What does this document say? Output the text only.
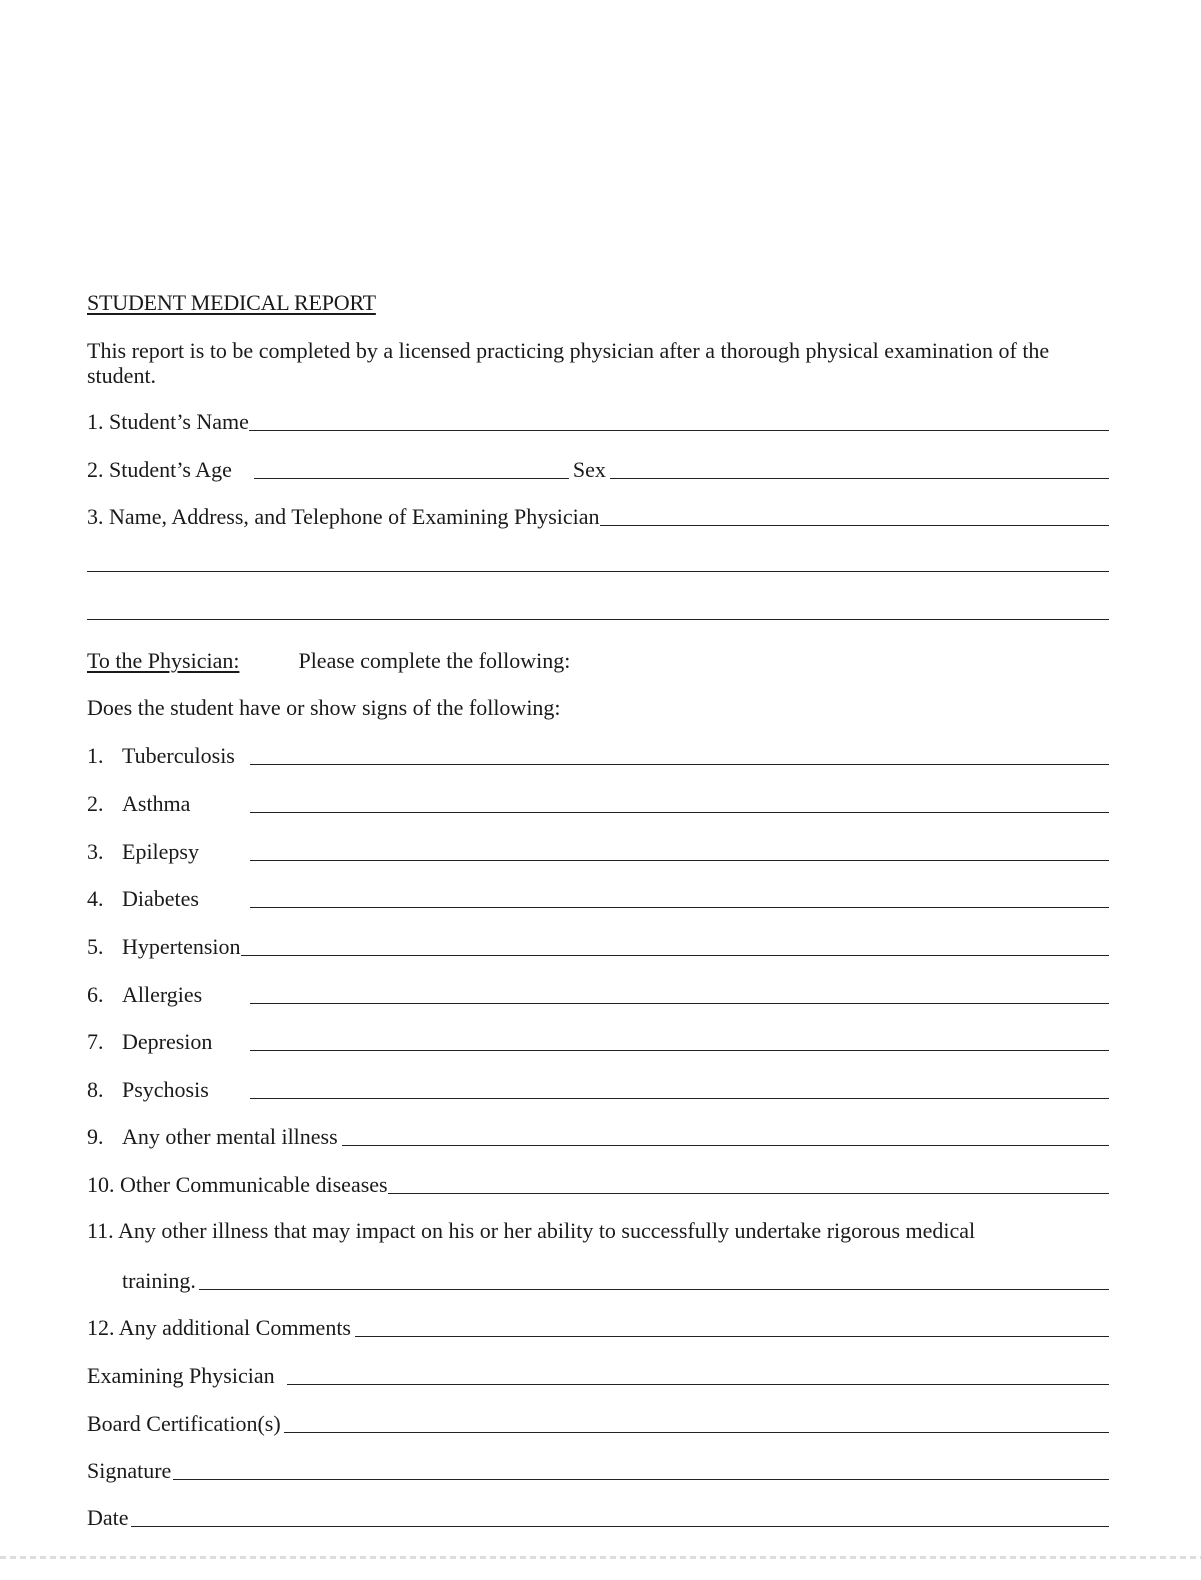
STUDENT MEDICAL REPORT
This report is to be completed by a licensed practicing physician after a thorough physical examination of the student.
1. Student’s Name
2. Student’s Age	Sex
3. Name, Address, and Telephone of Examining Physician
To the Physician:	Please complete the following:
Does the student have or show signs of the following:
1. Tuberculosis
2. Asthma
3. Epilepsy
4. Diabetes
5. Hypertension
6. Allergies
7. Depresion
8. Psychosis
9. Any other mental illness
10. Other Communicable diseases
11. Any other illness that may impact on his or her ability to successfully undertake rigorous medical
training.
12. Any additional Comments
Examining Physician
Board Certification(s)
Signature
Date
